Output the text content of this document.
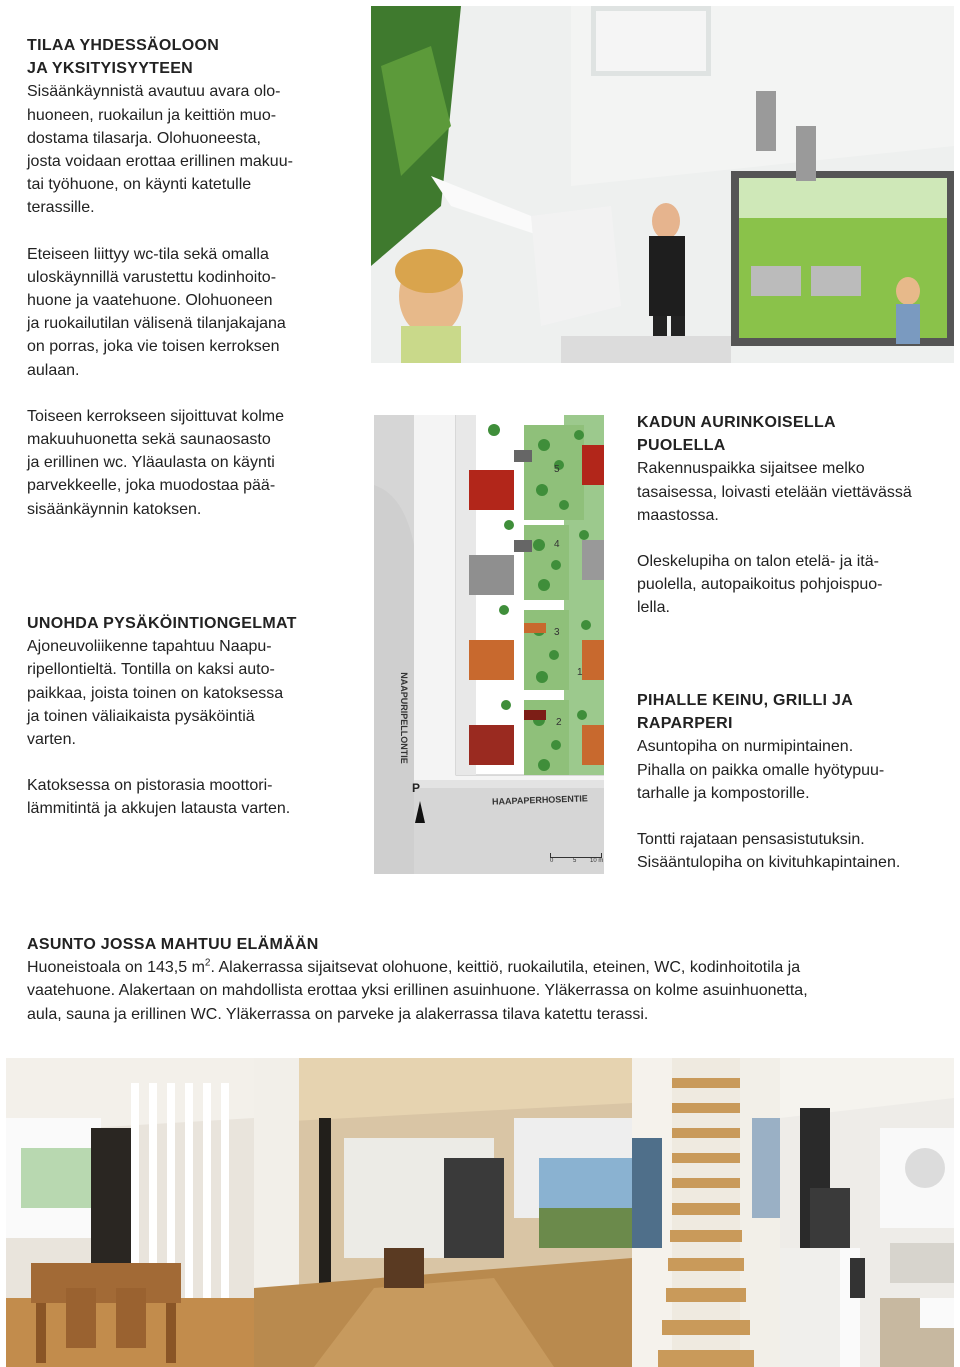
TILAA YHDESSÄOLOON
JA YKSITYISYYTEEN

Sisäänkäynnistä avautuu avara olo-

huoneen, ruokailun ja keittiön muo-

dostama tilasarja. Olohuoneesta,

josta voidaan erottaa erillinen makuu-

tai työhuone, on käynti katetulle

terassille.

Eteiseen liittyy wc-tila sekä omalla

uloskäynnillä varustettu kodinhoito-

huone ja vaatehuone. Olohuoneen

ja ruokailutilan välisenä tilanjakajana

on porras, joka vie toisen kerroksen

aulaan.

Toiseen kerrokseen sijoittuvat kolme

makuuhuonetta sekä saunaosasto

ja erillinen wc. Yläaulasta on käynti

parvekkeelle, joka muodostaa pää-

sisäänkäynnin katoksen.

UNOHDA PYSÄKÖINTIONGELMAT

Ajoneuvoliikenne tapahtuu Naapu-

ripellontieltä. Tontilla on kaksi auto-

paikkaa, joista toinen on katoksessa

ja toinen väliaikaista pysäköintiä

varten.

Katoksessa on pistorasia moottori-

lämmitintä ja akkujen latausta varten.

KADUN AURINKOISELLA
PUOLELLA

Rakennuspaikka sijaitsee melko

tasaisessa, loivasti etelään viettävässä

maastossa.

Oleskelupiha on talon etelä- ja itä-

puolella, autopaikoitus pohjoispuo-

lella.

PIHALLE KEINU, GRILLI JA
RAPARPERI

Asuntopiha on nurmipintainen.

Pihalla on paikka omalle hyötypuu-

tarhalle ja kompostorille.

Tontti rajataan pensasistutuksin.

Sisääntulopiha on kivituhkapintainen.

ASUNTO JOSSA MAHTUU ELÄMÄÄN

Huoneistoala on 143,5 $m^2$. Alakerrassa sijaitsevat olohuone, keittiö, ruokailutila, eteinen, WC, kodinhoitotila ja

vaatehuone. Alakertaan on mahdollista erottaa yksi erillinen asuinhuone. Yläkerrassa on kolme asuinhuonetta,

aula, sauna ja erillinen WC. Yläkerrassa on parveke ja alakerrassa tilava katettu terassi.

NAAPURIPELLONTIE
HAAPAPERHOSENTIE
P
5
4
3
1
2
0	5 10 m
